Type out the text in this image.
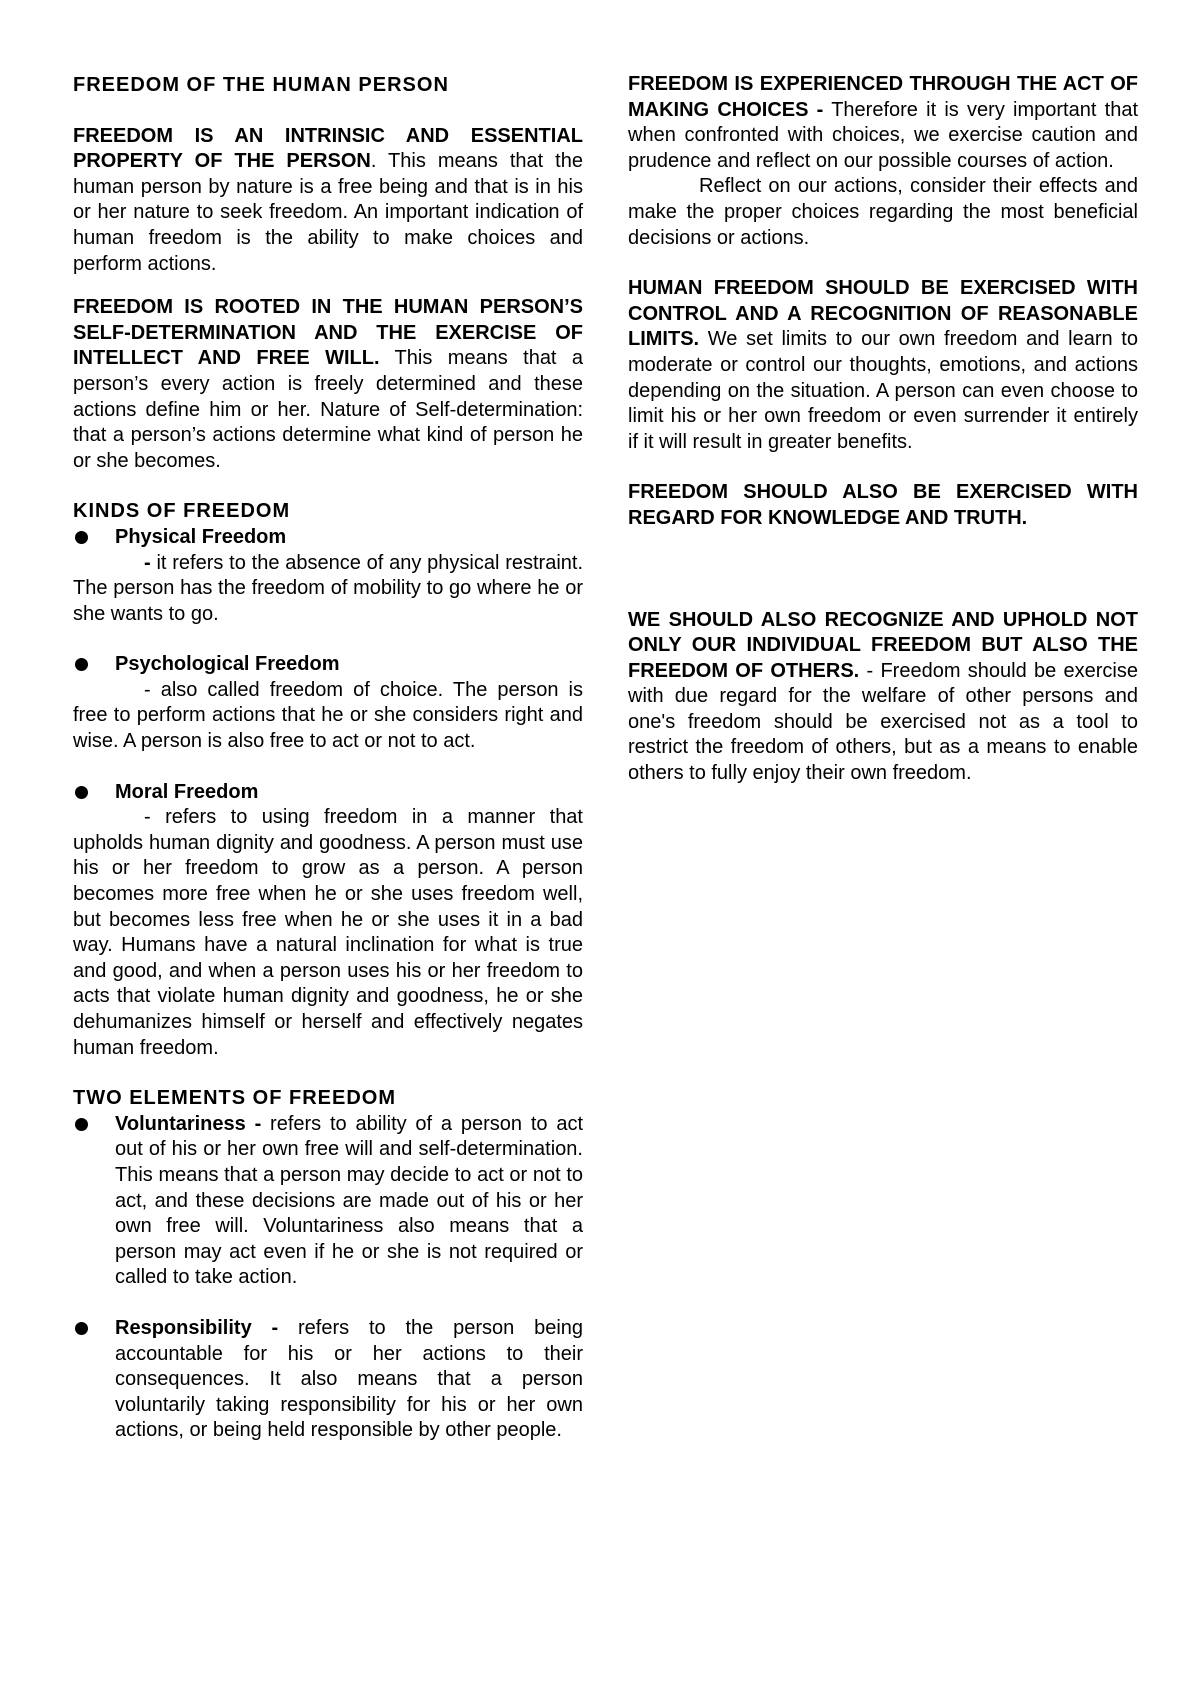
FREEDOM OF THE HUMAN PERSON

FREEDOM IS AN INTRINSIC AND ESSENTIAL PROPERTY OF THE PERSON. This means that the human person by nature is a free being and that is in his or her nature to seek freedom. An important indication of human freedom is the ability to make choices and perform actions.

FREEDOM IS ROOTED IN THE HUMAN PERSON’S SELF-DETERMINATION AND THE EXERCISE OF INTELLECT AND FREE WILL. This means that a person’s every action is freely determined and these actions define him or her. Nature of Self-determination: that a person’s actions determine what kind of person he or she becomes.

KINDS OF FREEDOM

Physical Freedom

- it refers to the absence of any physical restraint. The person has the freedom of mobility to go where he or she wants to go.

Psychological Freedom

- also called freedom of choice. The person is free to perform actions that he or she considers right and wise. A person is also free to act or not to act.

Moral Freedom

- refers to using freedom in a manner that upholds human dignity and goodness. A person must use his or her freedom to grow as a person. A person becomes more free when he or she uses freedom well, but becomes less free when he or she uses it in a bad way. Humans have a natural inclination for what is true and good, and when a person uses his or her freedom to acts that violate human dignity and goodness, he or she dehumanizes himself or herself and effectively negates human freedom.

TWO ELEMENTS OF FREEDOM

Voluntariness - refers to ability of a person to act out of his or her own free will and self-determination. This means that a person may decide to act or not to act, and these decisions are made out of his or her own free will. Voluntariness also means that a person may act even if he or she is not required or called to take action.

Responsibility - refers to the person being accountable for his or her actions to their consequences. It also means that a person voluntarily taking responsibility for his or her own actions, or being held responsible by other people.

FREEDOM IS EXPERIENCED THROUGH THE ACT OF MAKING CHOICES - Therefore it is very important that when confronted with choices, we exercise caution and prudence and reflect on our possible courses of action.

Reflect on our actions, consider their effects and make the proper choices regarding the most beneficial decisions or actions.

HUMAN FREEDOM SHOULD BE EXERCISED WITH CONTROL AND A RECOGNITION OF REASONABLE LIMITS. We set limits to our own freedom and learn to moderate or control our thoughts, emotions, and actions depending on the situation. A person can even choose to limit his or her own freedom or even surrender it entirely if it will result in greater benefits.

FREEDOM SHOULD ALSO BE EXERCISED WITH REGARD FOR KNOWLEDGE AND TRUTH.

WE SHOULD ALSO RECOGNIZE AND UPHOLD NOT ONLY OUR INDIVIDUAL FREEDOM BUT ALSO THE FREEDOM OF OTHERS. - Freedom should be exercise with due regard for the welfare of other persons and one's freedom should be exercised not as a tool to restrict the freedom of others, but as a means to enable others to fully enjoy their own freedom.
